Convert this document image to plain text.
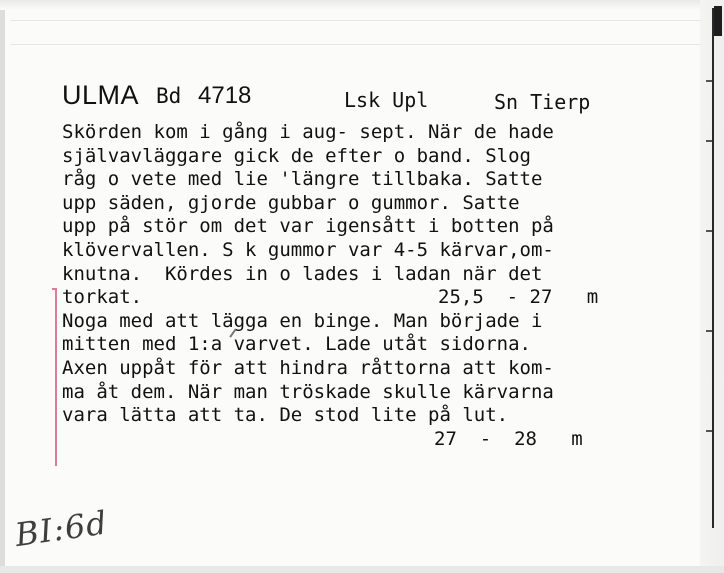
ULMA Bd 4718	Lsk Upl	Sn Tierp
Skörden kom i gång i aug- sept. När de hade
självavläggare gick de efter o band. Slog
råg o vete med lie 'längre tillbaka. Satte
upp säden, gjorde gubbar o gummor. Satte
upp på stör om det var igensått i botten på
klövervallen. S k gummor var 4-5 kärvar,om-
knutna.  Kördes in o lades i ladan när det

torkat.

	25,5  - 27   m

Noga med att lägga en binge. Man började i
mitten med 1:a varvet. Lade utåt sidorna.
Axen uppåt för att hindra råttorna att kom-
ma åt dem. När man tröskade skulle kärvarna
vara lätta att ta. De stod lite på lut.

27  -  28   m

BI:6d
